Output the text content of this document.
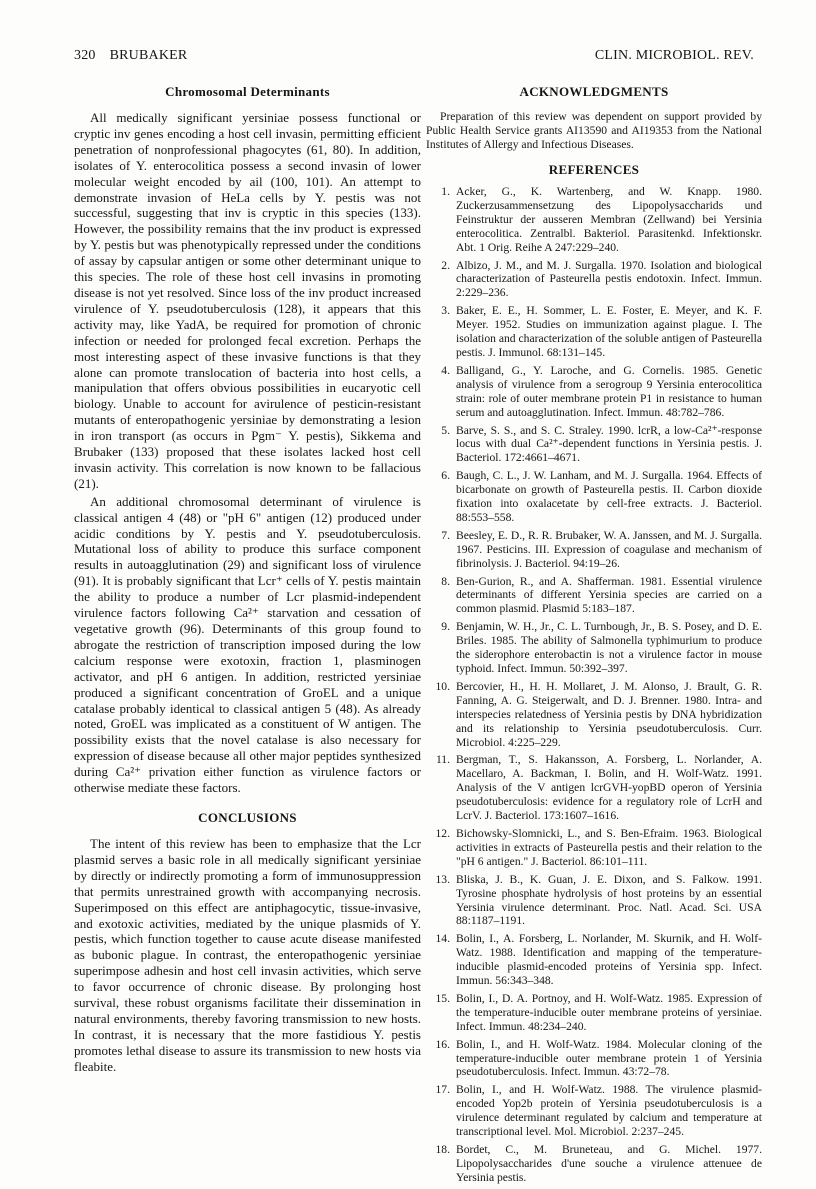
320 BRUBAKER	CLIN. MICROBIOL. REV.
Chromosomal Determinants

All medically significant yersiniae possess functional or cryptic inv genes encoding a host cell invasin, permitting efficient penetration of nonprofessional phagocytes (61, 80). In addition, isolates of Y. enterocolitica possess a second invasin of lower molecular weight encoded by ail (100, 101). An attempt to demonstrate invasion of HeLa cells by Y. pestis was not successful, suggesting that inv is cryptic in this species (133). However, the possibility remains that the inv product is expressed by Y. pestis but was phenotypically repressed under the conditions of assay by capsular antigen or some other determinant unique to this species. The role of these host cell invasins in promoting disease is not yet resolved. Since loss of the inv product increased virulence of Y. pseudotuberculosis (128), it appears that this activity may, like YadA, be required for promotion of chronic infection or needed for prolonged fecal excretion. Perhaps the most interesting aspect of these invasive functions is that they alone can promote translocation of bacteria into host cells, a manipulation that offers obvious possibilities in eucaryotic cell biology. Unable to account for avirulence of pesticin-resistant mutants of enteropathogenic yersiniae by demonstrating a lesion in iron transport (as occurs in Pgm⁻ Y. pestis), Sikkema and Brubaker (133) proposed that these isolates lacked host cell invasin activity. This correlation is now known to be fallacious (21).

An additional chromosomal determinant of virulence is classical antigen 4 (48) or "pH 6" antigen (12) produced under acidic conditions by Y. pestis and Y. pseudotuberculosis. Mutational loss of ability to produce this surface component results in autoagglutination (29) and significant loss of virulence (91). It is probably significant that Lcr⁺ cells of Y. pestis maintain the ability to produce a number of Lcr plasmid-independent virulence factors following Ca²⁺ starvation and cessation of vegetative growth (96). Determinants of this group found to abrogate the restriction of transcription imposed during the low calcium response were exotoxin, fraction 1, plasminogen activator, and pH 6 antigen. In addition, restricted yersiniae produced a significant concentration of GroEL and a unique catalase probably identical to classical antigen 5 (48). As already noted, GroEL was implicated as a constituent of W antigen. The possibility exists that the novel catalase is also necessary for expression of disease because all other major peptides synthesized during Ca²⁺ privation either function as virulence factors or otherwise mediate these factors.

CONCLUSIONS

The intent of this review has been to emphasize that the Lcr plasmid serves a basic role in all medically significant yersiniae by directly or indirectly promoting a form of immunosuppression that permits unrestrained growth with accompanying necrosis. Superimposed on this effect are antiphagocytic, tissue-invasive, and exotoxic activities, mediated by the unique plasmids of Y. pestis, which function together to cause acute disease manifested as bubonic plague. In contrast, the enteropathogenic yersiniae superimpose adhesin and host cell invasin activities, which serve to favor occurrence of chronic disease. By prolonging host survival, these robust organisms facilitate their dissemination in natural environments, thereby favoring transmission to new hosts. In contrast, it is necessary that the more fastidious Y. pestis promotes lethal disease to assure its transmission to new hosts via fleabite.

ACKNOWLEDGMENTS

Preparation of this review was dependent on support provided by Public Health Service grants AI13590 and AI19353 from the National Institutes of Allergy and Infectious Diseases.

REFERENCES
1. Acker, G., K. Wartenberg, and W. Knapp. 1980. Zuckerzusammensetzung des Lipopolysaccharids und Feinstruktur der ausseren Membran (Zellwand) bei Yersinia enterocolitica. Zentralbl. Bakteriol. Parasitenkd. Infektionskr. Abt. 1 Orig. Reihe A 247:229–240.
2. Albizo, J. M., and M. J. Surgalla. 1970. Isolation and biological characterization of Pasteurella pestis endotoxin. Infect. Immun. 2:229–236.
3. Baker, E. E., H. Sommer, L. E. Foster, E. Meyer, and K. F. Meyer. 1952. Studies on immunization against plague. I. The isolation and characterization of the soluble antigen of Pasteurella pestis. J. Immunol. 68:131–145.
4. Balligand, G., Y. Laroche, and G. Cornelis. 1985. Genetic analysis of virulence from a serogroup 9 Yersinia enterocolitica strain: role of outer membrane protein P1 in resistance to human serum and autoagglutination. Infect. Immun. 48:782–786.
5. Barve, S. S., and S. C. Straley. 1990. lcrR, a low-Ca²⁺-response locus with dual Ca²⁺-dependent functions in Yersinia pestis. J. Bacteriol. 172:4661–4671.
6. Baugh, C. L., J. W. Lanham, and M. J. Surgalla. 1964. Effects of bicarbonate on growth of Pasteurella pestis. II. Carbon dioxide fixation into oxalacetate by cell-free extracts. J. Bacteriol. 88:553–558.
7. Beesley, E. D., R. R. Brubaker, W. A. Janssen, and M. J. Surgalla. 1967. Pesticins. III. Expression of coagulase and mechanism of fibrinolysis. J. Bacteriol. 94:19–26.
8. Ben-Gurion, R., and A. Shafferman. 1981. Essential virulence determinants of different Yersinia species are carried on a common plasmid. Plasmid 5:183–187.
9. Benjamin, W. H., Jr., C. L. Turnbough, Jr., B. S. Posey, and D. E. Briles. 1985. The ability of Salmonella typhimurium to produce the siderophore enterobactin is not a virulence factor in mouse typhoid. Infect. Immun. 50:392–397.
10. Bercovier, H., H. H. Mollaret, J. M. Alonso, J. Brault, G. R. Fanning, A. G. Steigerwalt, and D. J. Brenner. 1980. Intra- and interspecies relatedness of Yersinia pestis by DNA hybridization and its relationship to Yersinia pseudotuberculosis. Curr. Microbiol. 4:225–229.
11. Bergman, T., S. Hakansson, A. Forsberg, L. Norlander, A. Macellaro, A. Backman, I. Bolin, and H. Wolf-Watz. 1991. Analysis of the V antigen lcrGVH-yopBD operon of Yersinia pseudotuberculosis: evidence for a regulatory role of LcrH and LcrV. J. Bacteriol. 173:1607–1616.
12. Bichowsky-Slomnicki, L., and S. Ben-Efraim. 1963. Biological activities in extracts of Pasteurella pestis and their relation to the "pH 6 antigen." J. Bacteriol. 86:101–111.
13. Bliska, J. B., K. Guan, J. E. Dixon, and S. Falkow. 1991. Tyrosine phosphate hydrolysis of host proteins by an essential Yersinia virulence determinant. Proc. Natl. Acad. Sci. USA 88:1187–1191.
14. Bolin, I., A. Forsberg, L. Norlander, M. Skurnik, and H. Wolf-Watz. 1988. Identification and mapping of the temperature-inducible plasmid-encoded proteins of Yersinia spp. Infect. Immun. 56:343–348.
15. Bolin, I., D. A. Portnoy, and H. Wolf-Watz. 1985. Expression of the temperature-inducible outer membrane proteins of yersiniae. Infect. Immun. 48:234–240.
16. Bolin, I., and H. Wolf-Watz. 1984. Molecular cloning of the temperature-inducible outer membrane protein 1 of Yersinia pseudotuberculosis. Infect. Immun. 43:72–78.
17. Bolin, I., and H. Wolf-Watz. 1988. The virulence plasmid-encoded Yop2b protein of Yersinia pseudotuberculosis is a virulence determinant regulated by calcium and temperature at transcriptional level. Mol. Microbiol. 2:237–245.
18. Bordet, C., M. Bruneteau, and G. Michel. 1977. Lipopolysaccharides d'une souche a virulence attenuee de Yersinia pestis.
